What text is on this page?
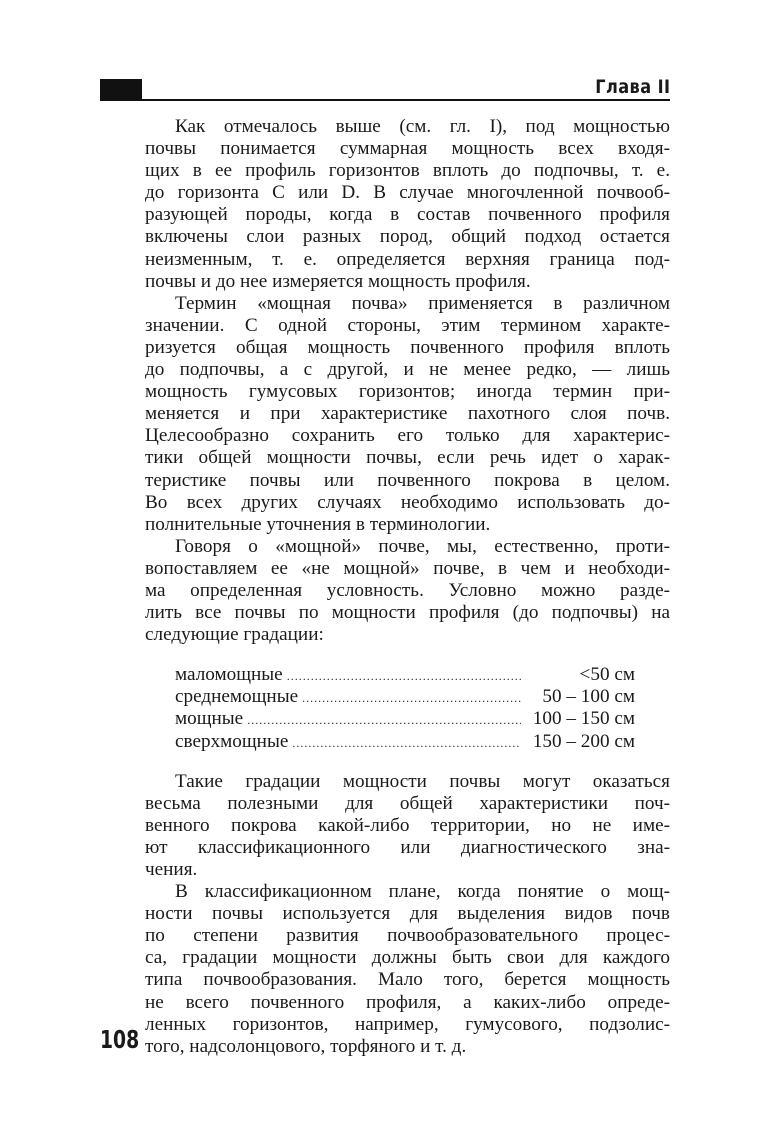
Глава II
Как отмечалось выше (см. гл. I), под мощностью
почвы понимается суммарная мощность всех входя-
щих в ее профиль горизонтов вплоть до подпочвы, т. е.
до горизонта С или D. В случае многочленной почвооб-
разующей породы, когда в состав почвенного профиля
включены слои разных пород, общий подход остается
неизменным, т. е. определяется верхняя граница под-
почвы и до нее измеряется мощность профиля.
Термин «мощная почва» применяется в различном
значении. С одной стороны, этим термином характе-
ризуется общая мощность почвенного профиля вплоть
до подпочвы, а с другой, и не менее редко, — лишь
мощность гумусовых горизонтов; иногда термин при-
меняется и при характеристике пахотного слоя почв.
Целесообразно сохранить его только для характерис-
тики общей мощности почвы, если речь идет о харак-
теристике почвы или почвенного покрова в целом.
Во всех других случаях необходимо использовать до-
полнительные уточнения в терминологии.
Говоря о «мощной» почве, мы, естественно, проти-
вопоставляем ее «не мощной» почве, в чем и необходи-
ма определенная условность. Условно можно разде-
лить все почвы по мощности профиля (до подпочвы) на
следующие градации:
маломощные .....	<50 см
среднемощные .....	50 – 100 см
мощные .....	100 – 150 см
сверхмощные .....	150 – 200 см
Такие градации мощности почвы могут оказаться
весьма полезными для общей характеристики поч-
венного покрова какой-либо территории, но не име-
ют классификационного или диагностического зна-
чения.
В классификационном плане, когда понятие о мощ-
ности почвы используется для выделения видов почв
по степени развития почвообразовательного процес-
са, градации мощности должны быть свои для каждого
типа почвообразования. Мало того, берется мощность
не всего почвенного профиля, а каких-либо опреде-
ленных горизонтов, например, гумусового, подзолис-
того, надсолонцового, торфяного и т. д.
108
